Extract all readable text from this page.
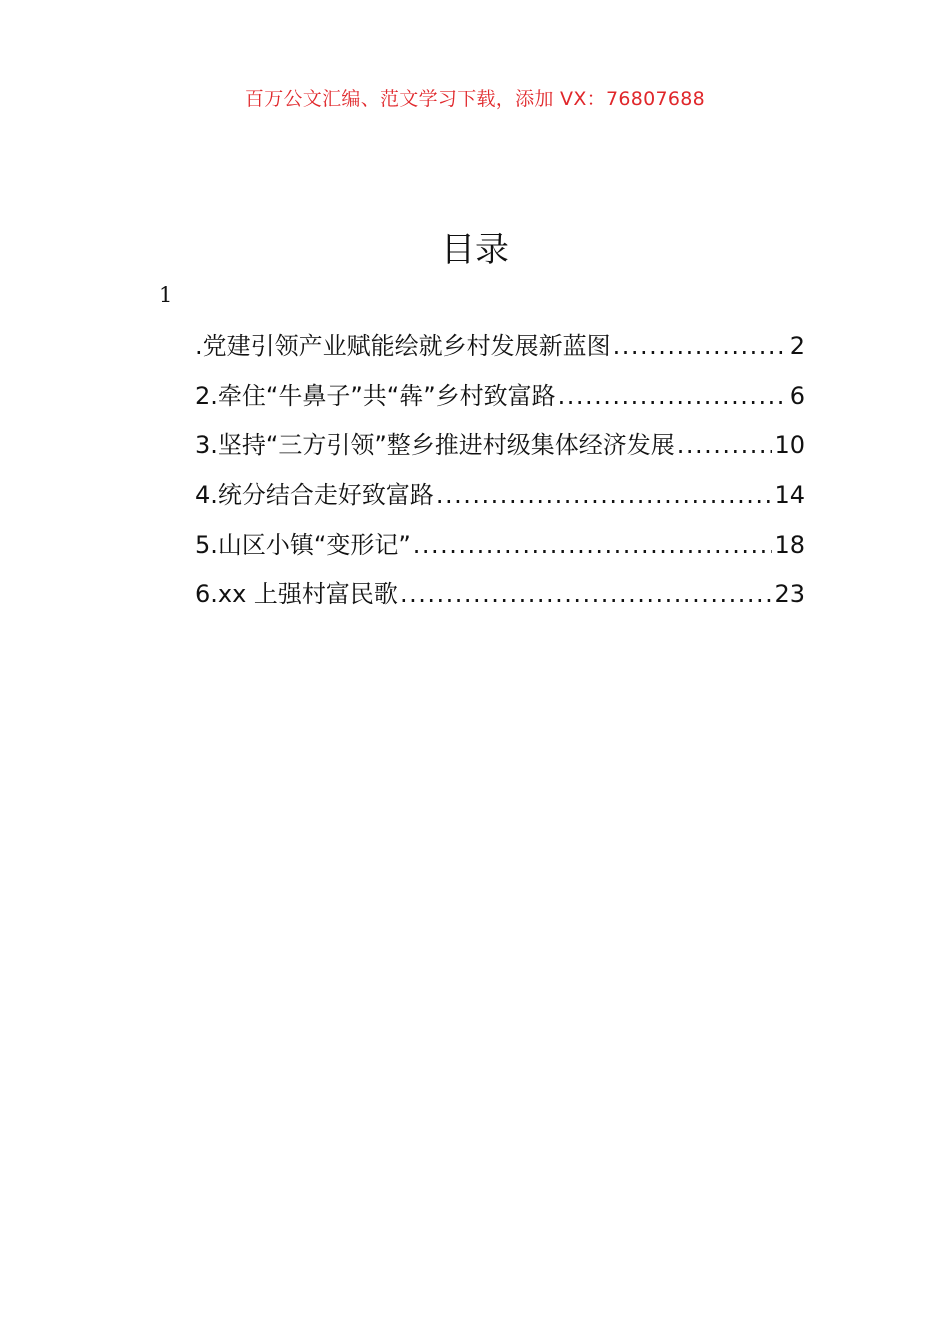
百万公文汇编、范文学习下载，添加 VX：76807688
目录
1
.党建引领产业赋能绘就乡村发展新蓝图 .....	2
2.牵住“牛鼻子”共“犇”乡村致富路 .....	6
3.坚持“三方引领”整乡推进村级集体经济发展 .....	10
4.统分结合走好致富路 .....	14
5.山区小镇“变形记” .....	18
6.xx 上强村富民歌 .....	23
